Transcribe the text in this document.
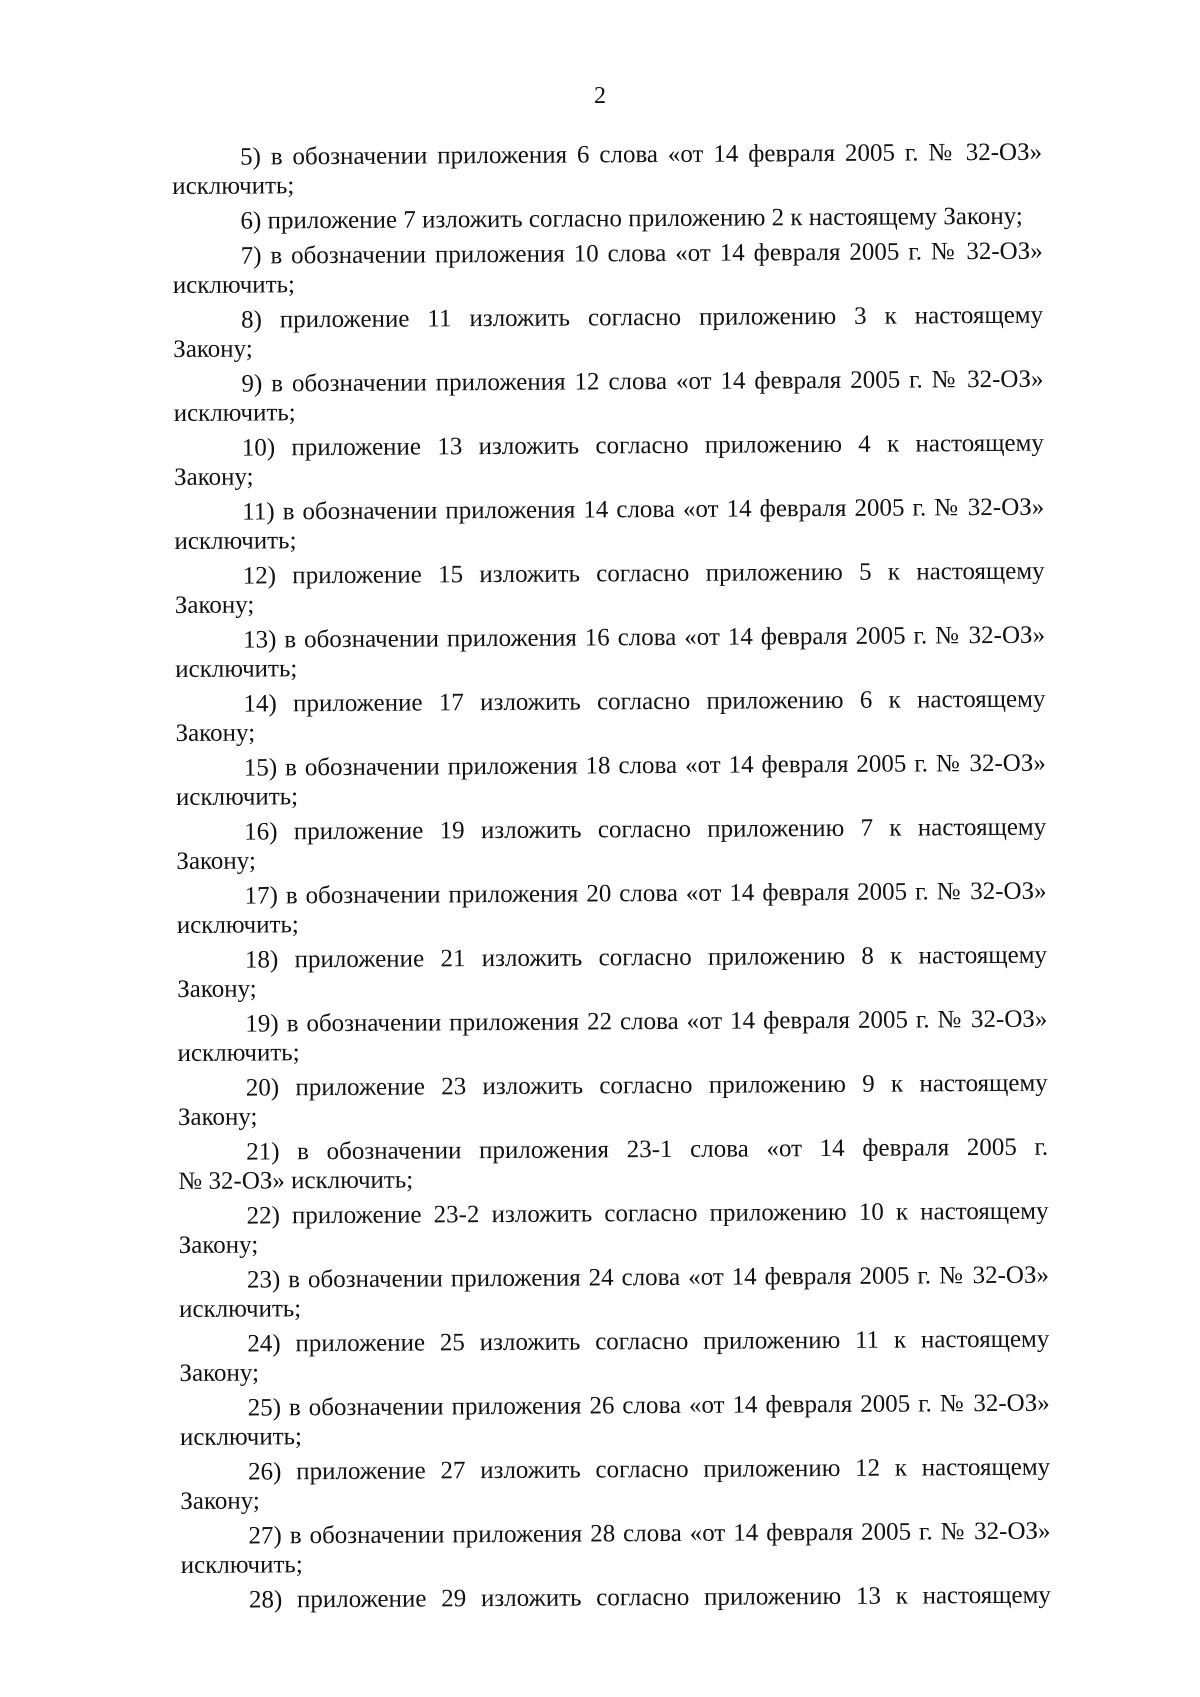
2
5) в обозначении приложения 6 слова «от 14 февраля 2005 г. № 32-ОЗ»
исключить;
6) приложение 7 изложить согласно приложению 2 к настоящему Закону;
7) в обозначении приложения 10 слова «от 14 февраля 2005 г. № 32-ОЗ»
исключить;
8) приложение 11 изложить согласно приложению 3 к настоящему
Закону;
9) в обозначении приложения 12 слова «от 14 февраля 2005 г. № 32-ОЗ»
исключить;
10) приложение 13 изложить согласно приложению 4 к настоящему
Закону;
11) в обозначении приложения 14 слова «от 14 февраля 2005 г. № 32-ОЗ»
исключить;
12) приложение 15 изложить согласно приложению 5 к настоящему
Закону;
13) в обозначении приложения 16 слова «от 14 февраля 2005 г. № 32-ОЗ»
исключить;
14) приложение 17 изложить согласно приложению 6 к настоящему
Закону;
15) в обозначении приложения 18 слова «от 14 февраля 2005 г. № 32-ОЗ»
исключить;
16) приложение 19 изложить согласно приложению 7 к настоящему
Закону;
17) в обозначении приложения 20 слова «от 14 февраля 2005 г. № 32-ОЗ»
исключить;
18) приложение 21 изложить согласно приложению 8 к настоящему
Закону;
19) в обозначении приложения 22 слова «от 14 февраля 2005 г. № 32-ОЗ»
исключить;
20) приложение 23 изложить согласно приложению 9 к настоящему
Закону;
21) в обозначении приложения 23-1 слова «от 14 февраля 2005 г.
№ 32-ОЗ» исключить;
22) приложение 23-2 изложить согласно приложению 10 к настоящему
Закону;
23) в обозначении приложения 24 слова «от 14 февраля 2005 г. № 32-ОЗ»
исключить;
24) приложение 25 изложить согласно приложению 11 к настоящему
Закону;
25) в обозначении приложения 26 слова «от 14 февраля 2005 г. № 32-ОЗ»
исключить;
26) приложение 27 изложить согласно приложению 12 к настоящему
Закону;
27) в обозначении приложения 28 слова «от 14 февраля 2005 г. № 32-ОЗ»
исключить;
28) приложение 29 изложить согласно приложению 13 к настоящему
